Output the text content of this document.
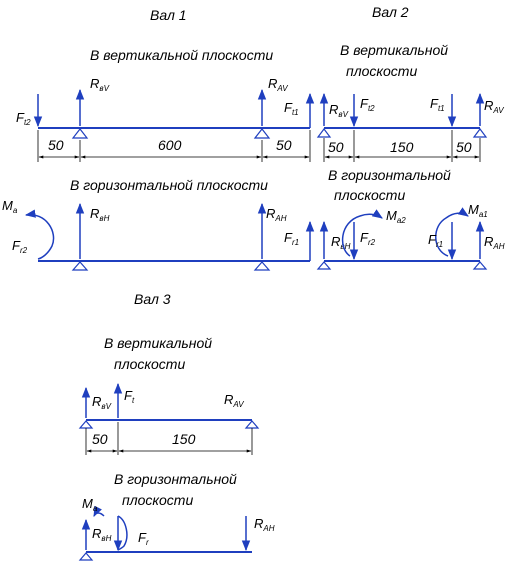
Вал 1
В вертикальной плоскости
$F_{t2}$
$R_{вV}$	$R_{AV}$
$F_{t1}$
50	600	50
В горизонтальной плоскости
$M_a$
$F_{r2}$
$R_{вH}$	$R_{AH}$
$F_{r1}$
Вал 2
В вертикальной
плоскости
$R_{вV}$
$F_{t2}$	$F_{t1}$	$R_{AV}$
50	150	50
В горизонтальной
плоскости
$R_{вH}$
$M_{a2}$
$F_{r2}$
$M_{a1}$
$F_{r1}$	$R_{AH}$
Вал 3
В вертикальной
плоскости
$R_{вV}$
$F_t$	$R_{AV}$
50	150
В горизонтальной
плоскости
$M_a$
$R_{вH}$ $F_r$
$R_{AH}$
